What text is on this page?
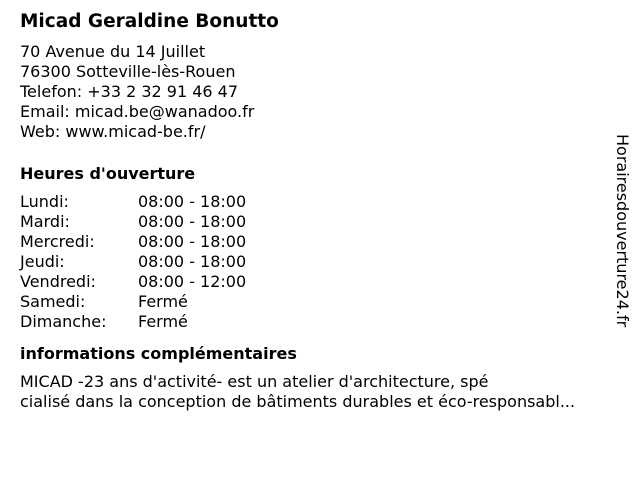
Micad Geraldine Bonutto
70 Avenue du 14 Juillet
76300 Sotteville-lès-Rouen
Telefon: +33 2 32 91 46 47
Email: micad.be@wanadoo.fr
Web: www.micad-be.fr/
Heures d'ouverture
Lundi:	08:00 - 18:00
Mardi:	08:00 - 18:00
Mercredi:	08:00 - 18:00
Jeudi:	08:00 - 18:00
Vendredi:	08:00 - 12:00
Samedi:	Fermé
Dimanche: Fermé
informations complémentaires
MICAD -23 ans d'activité- est un atelier d'architecture, spé
cialisé dans la conception de bâtiments durables et éco-responsabl...
Horairesdouverture24.fr
